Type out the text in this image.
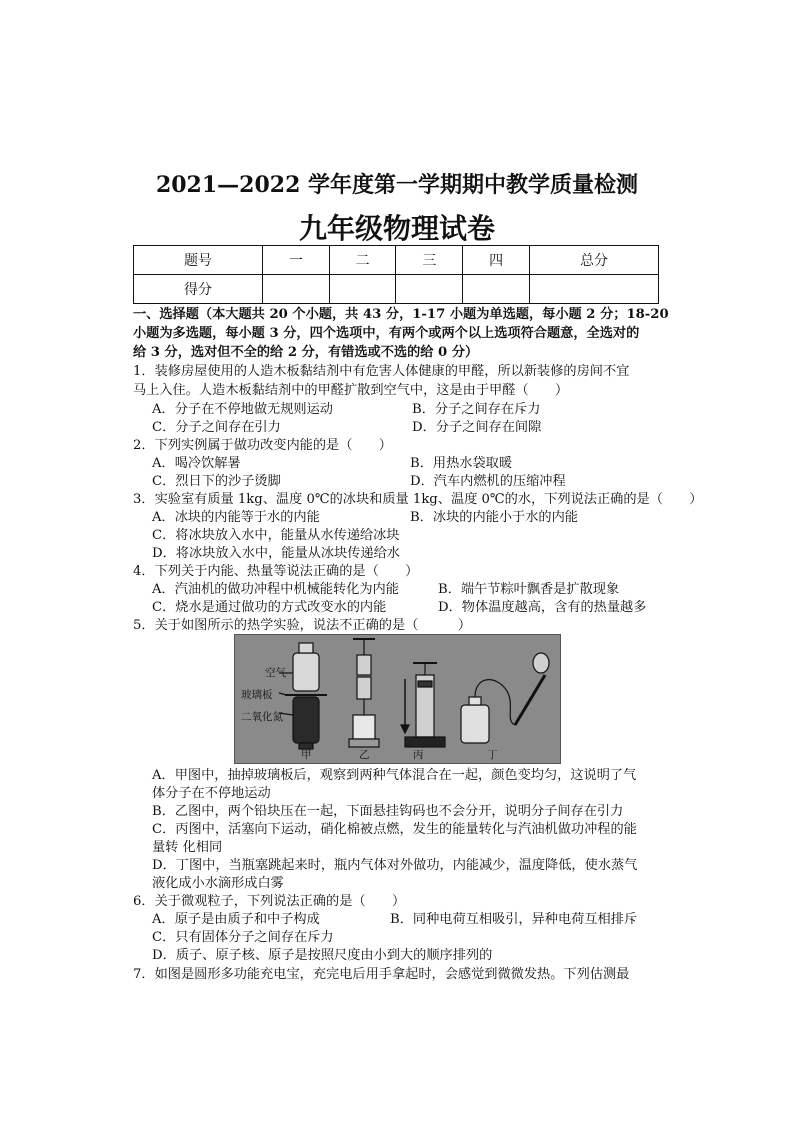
2021—2022 学年度第一学期期中教学质量检测
九年级物理试卷
题号	一	二	三	四	总分
得分					
一、选择题（本大题共 20 个小题，共 43 分，1-17 小题为单选题，每小题 2 分；18-20
小题为多选题，每小题 3 分，四个选项中，有两个或两个以上选项符合题意，全选对的
给 3 分，选对但不全的给 2 分，有错选或不选的给 0 分）
1．装修房屋使用的人造木板黏结剂中有危害人体健康的甲醛，所以新装修的房间不宜
马上入住。人造木板黏结剂中的甲醛扩散到空气中，这是由于甲醛（　　）
A．分子在不停地做无规则运动	B．分子之间存在斥力
C．分子之间存在引力	D．分子之间存在间隙
2．下列实例属于做功改变内能的是（　　）
A．喝冷饮解暑	B．用热水袋取暖
C．烈日下的沙子烫脚	D．汽车内燃机的压缩冲程
3．实验室有质量 1kg、温度 0℃的冰块和质量 1kg、温度 0℃的水，下列说法正确的是（　　）
A．冰块的内能等于水的内能	B．冰块的内能小于水的内能
C．将冰块放入水中，能量从水传递给冰块
D．将冰块放入水中，能量从冰块传递给水
4．下列关于内能、热量等说法正确的是（　　）
A．汽油机的做功冲程中机械能转化为内能	B．端午节粽叶飘香是扩散现象
C．烧水是通过做功的方式改变水的内能	D．物体温度越高，含有的热量越多
5．关于如图所示的热学实验，说法不正确的是（　　　）
空气
玻璃板
二氧化氮
甲	乙	丙	丁
A．甲图中，抽掉玻璃板后，观察到两种气体混合在一起，颜色变均匀，这说明了气
体分子在不停地运动
B．乙图中，两个铅块压在一起，下面悬挂钩码也不会分开，说明分子间存在引力
C．丙图中，活塞向下运动，硝化棉被点燃，发生的能量转化与汽油机做功冲程的能
量转 化相同
D．丁图中，当瓶塞跳起来时，瓶内气体对外做功，内能减少，温度降低，使水蒸气
液化成小水滴形成白雾
6．关于微观粒子，下列说法正确的是（　　）
A．原子是由质子和中子构成	B．同种电荷互相吸引，异种电荷互相排斥
C．只有固体分子之间存在斥力
D．质子、原子核、原子是按照尺度由小到大的顺序排列的
7．如图是圆形多功能充电宝，充完电后用手拿起时，会感觉到微微发热。下列估测最
